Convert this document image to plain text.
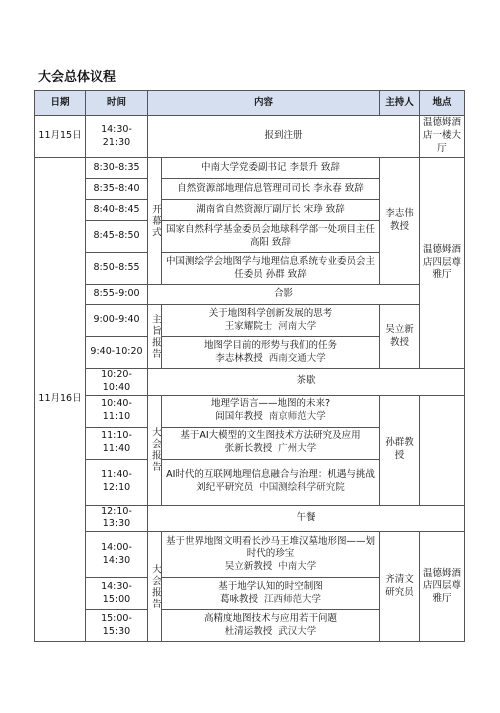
大会总体议程
日期	时间	内容		主持人	地点
11月15日	14:30-21:30	报到注册			温德姆酒店一楼大厅
11月16日	8:30-8:35	开幕式	中南大学党委副书记 李景升 致辞	李志伟教授	温德姆酒店四层尊雅厅
	8:35-8:40		自然资源部地理信息管理司司长 李永春 致辞		
	8:40-8:45		湖南省自然资源厅副厅长 宋琤 致辞		
	8:45-8:50		国家自然科学基金委员会地球科学部一处项目主任 高阳 致辞		
	8:50-8:55		中国测绘学会地图学与地理信息系统专业委员会主任委员 孙群 致辞		
	8:55-9:00	合影			
	9:00-9:40	主旨报告	关于地图科学创新发展的思考
王家耀院士 河南大学	吴立新教授	
	9:40-10:20		地图学目前的形势与我们的任务
李志林教授 西南交通大学		

	10:20-10:40	茶歇			
	10:40-11:10	大会报告	地理学语言——地图的未来?
闾国年教授 南京师范大学	孙群教授	
	11:10-11:40		基于AI大模型的文生图技术方法研究及应用
张新长教授 广州大学		

	11:40-12:10		AI时代的互联网地理信息融合与治理：机遇与挑战
刘纪平研究员 中国测绘科学研究院		

	12:10-13:30	午餐			
	14:00-14:30	大会报告	基于世界地图文明看长沙马王堆汉墓地形图——划时代的珍宝
吴立新教授 中南大学	齐清文研究员	温德姆酒店四层尊雅厅
	14:30-15:00		基于地学认知的时空制图
葛咏教授 江西师范大学		

	15:00-15:30		高精度地图技术与应用若干问题
杜清运教授 武汉大学		
